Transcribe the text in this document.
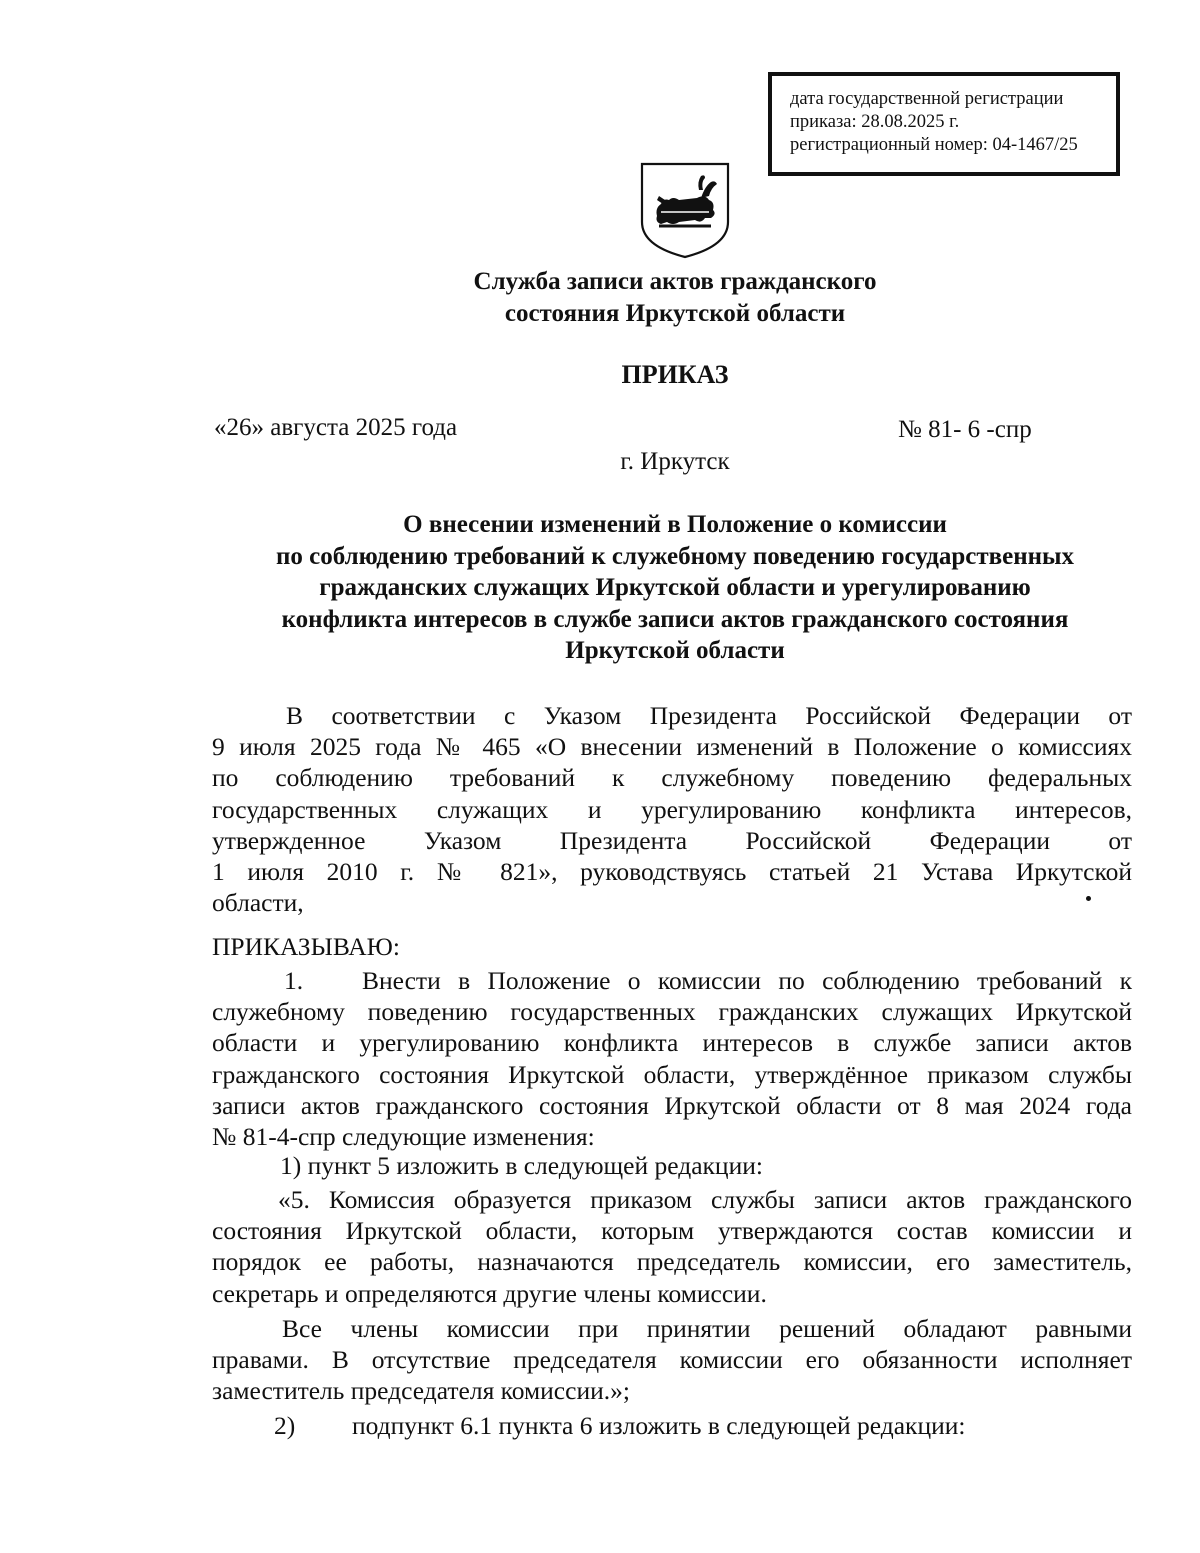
дата государственной регистрации
приказа: 28.08.2025 г.
регистрационный номер: 04-1467/25
Служба записи актов гражданского
состояния Иркутской области
ПРИКАЗ
«26» августа 2025 года	№ 81- 6 -спр
г. Иркутск
О внесении изменений в Положение о комиссии
по соблюдению требований к служебному поведению государственных
гражданских служащих Иркутской области и урегулированию
конфликта интересов в службе записи актов гражданского состояния
Иркутской области
В соответствии с Указом Президента Российской Федерации от
9 июля 2025 года № 465 «О внесении изменений в Положение о комиссиях
по соблюдению требований к служебному поведению федеральных
государственных служащих и урегулированию конфликта интересов,
утвержденное Указом Президента Российской Федерации от
1 июля 2010 г. № 821», руководствуясь статьей 21 Устава Иркутской
области,
ПРИКАЗЫВАЮ:
1. Внести в Положение о комиссии по соблюдению требований к
служебному поведению государственных гражданских служащих Иркутской
области и урегулированию конфликта интересов в службе записи актов
гражданского состояния Иркутской области, утверждённое приказом службы
записи актов гражданского состояния Иркутской области от 8 мая 2024 года
№ 81-4-спр следующие изменения:
1) пункт 5 изложить в следующей редакции:
«5. Комиссия образуется приказом службы записи актов гражданского
состояния Иркутской области, которым утверждаются состав комиссии и
порядок ее работы, назначаются председатель комиссии, его заместитель,
секретарь и определяются другие члены комиссии.
Все члены комиссии при принятии решений обладают равными
правами. В отсутствие председателя комиссии его обязанности исполняет
заместитель председателя комиссии.»;
2) подпункт 6.1 пункта 6 изложить в следующей редакции:
